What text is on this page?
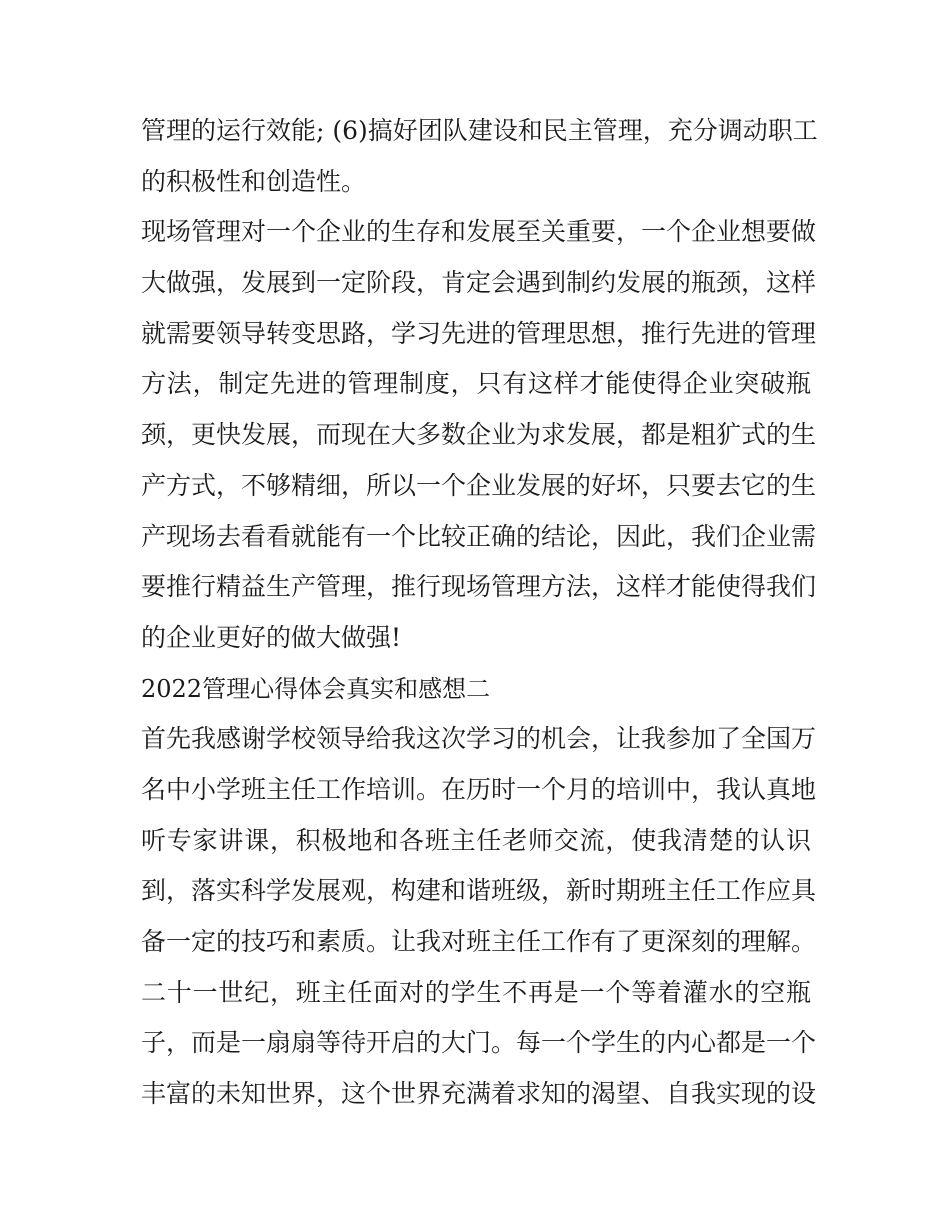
管理的运行效能; (6)搞好团队建设和民主管理，充分调动职工
的积极性和创造性。
现场管理对一个企业的生存和发展至关重要，一个企业想要做
大做强，发展到一定阶段，肯定会遇到制约发展的瓶颈，这样
就需要领导转变思路，学习先进的管理思想，推行先进的管理
方法，制定先进的管理制度，只有这样才能使得企业突破瓶
颈，更快发展，而现在大多数企业为求发展，都是粗犷式的生
产方式，不够精细，所以一个企业发展的好坏，只要去它的生
产现场去看看就能有一个比较正确的结论，因此，我们企业需
要推行精益生产管理，推行现场管理方法，这样才能使得我们
的企业更好的做大做强!
2022管理心得体会真实和感想二
首先我感谢学校领导给我这次学习的机会，让我参加了全国万
名中小学班主任工作培训。在历时一个月的培训中，我认真地
听专家讲课，积极地和各班主任老师交流，使我清楚的认识
到，落实科学发展观，构建和谐班级，新时期班主任工作应具
备一定的技巧和素质。让我对班主任工作有了更深刻的理解。
二十一世纪，班主任面对的学生不再是一个等着灌水的空瓶
子，而是一扇扇等待开启的大门。每一个学生的内心都是一个
丰富的未知世界，这个世界充满着求知的渴望、自我实现的设
